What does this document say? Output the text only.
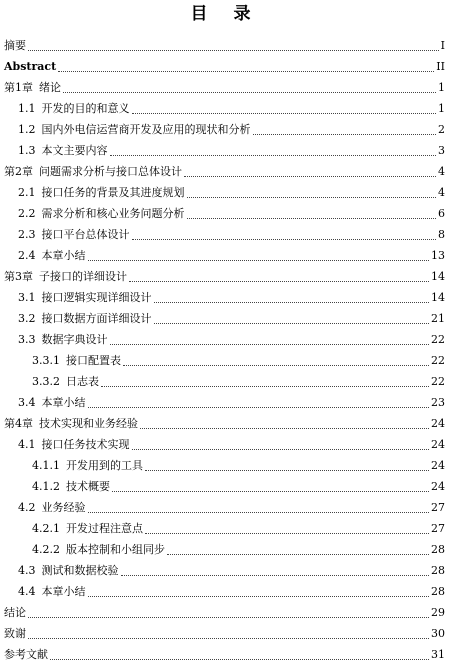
目 录
摘要	I
Abstract	II
第1章 绪论	1
1.1 开发的目的和意义	1
1.2 国内外电信运营商开发及应用的现状和分析	2
1.3 本文主要内容	3
第2章 问题需求分析与接口总体设计	4
2.1 接口任务的背景及其进度规划	4
2.2 需求分析和核心业务问题分析	6
2.3 接口平台总体设计	8
2.4 本章小结	13
第3章 子接口的详细设计	14
3.1 接口逻辑实现详细设计	14
3.2 接口数据方面详细设计	21
3.3 数据字典设计	22
3.3.1 接口配置表	22
3.3.2 日志表	22
3.4 本章小结	23
第4章 技术实现和业务经验	24
4.1 接口任务技术实现	24
4.1.1 开发用到的工具	24
4.1.2 技术概要	24
4.2 业务经验	27
4.2.1 开发过程注意点	27
4.2.2 版本控制和小组同步	28
4.3 测试和数据校验	28
4.4 本章小结	28
结论	29
致谢	30
参考文献	31
